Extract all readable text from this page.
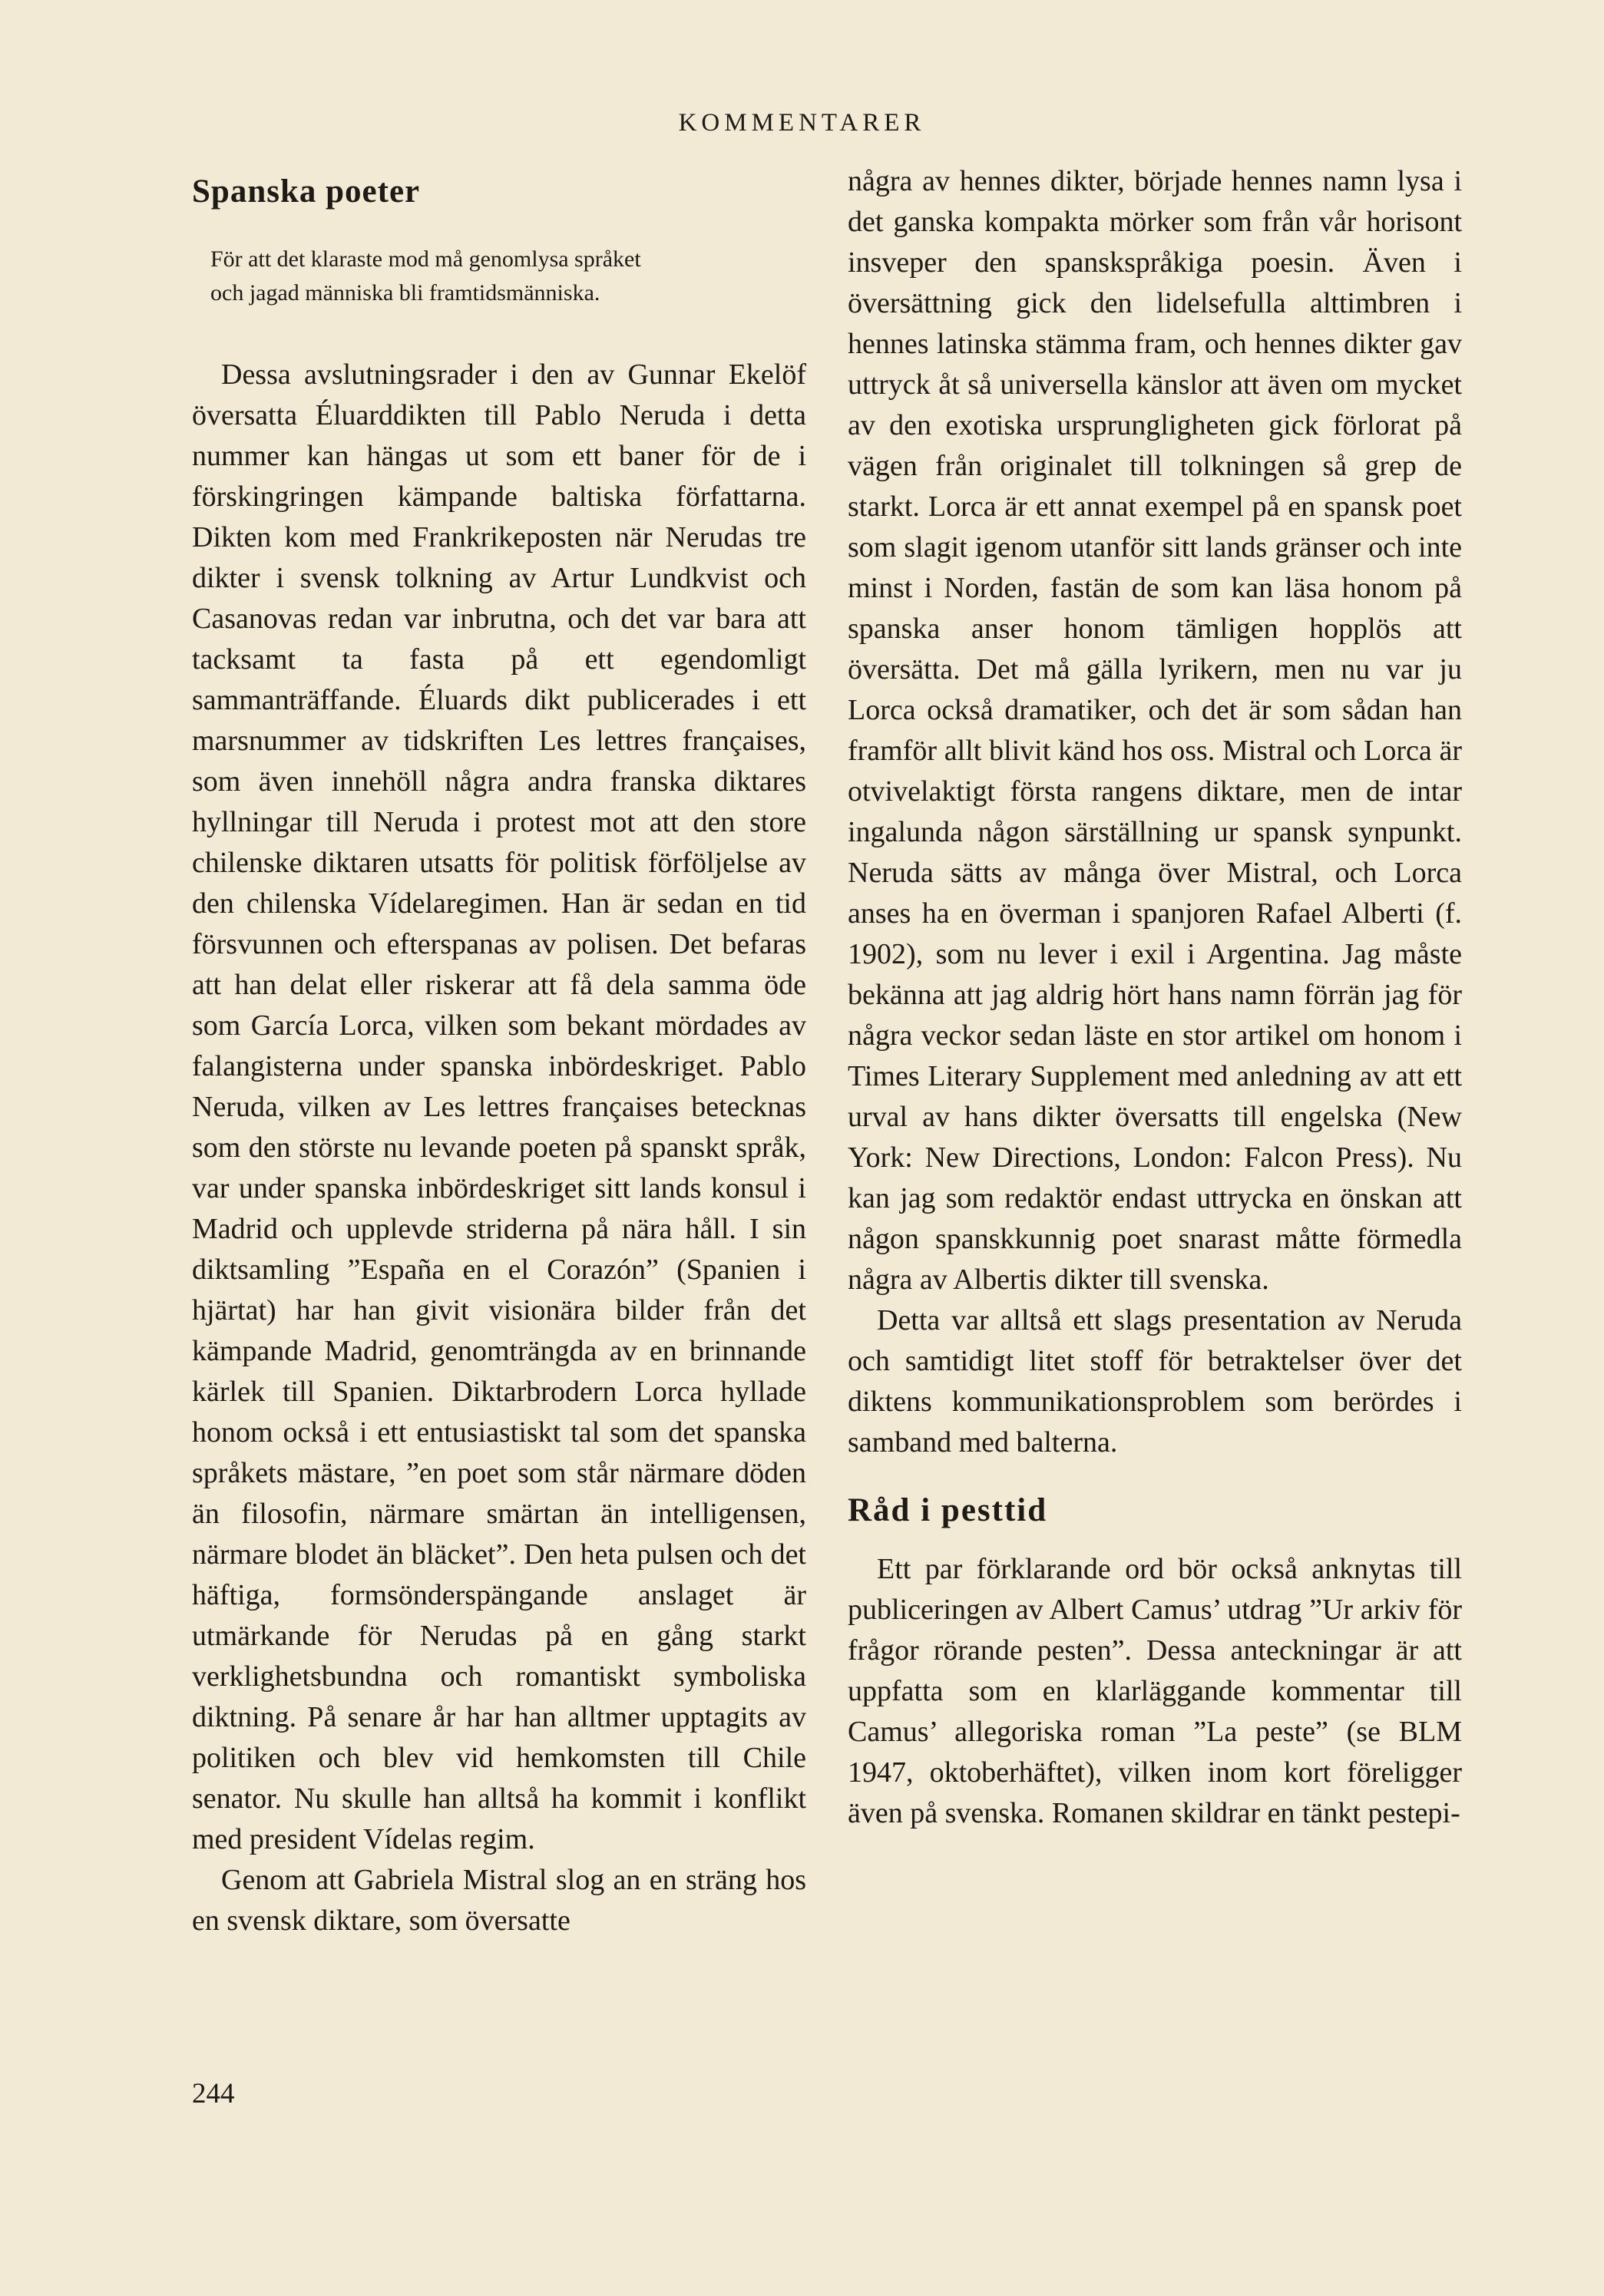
KOMMENTARER
Spanska poeter
För att det klaraste mod må genomlysa språket
och jagad människa bli framtidsmänniska.

Dessa avslutningsrader i den av Gunnar Ekelöf översatta Éluarddikten till Pablo Neruda i detta nummer kan hängas ut som ett baner för de i förskingringen kämpande baltiska författarna. Dikten kom med Frankrikeposten när Nerudas tre dikter i svensk tolkning av Artur Lundkvist och Casanovas redan var inbrutna, och det var bara att tacksamt ta fasta på ett egendomligt sammanträffande. Éluards dikt publicerades i ett marsnummer av tidskriften Les lettres françaises, som även innehöll några andra franska diktares hyllningar till Neruda i protest mot att den store chilenske diktaren utsatts för politisk förföljelse av den chilenska Vídelaregimen. Han är sedan en tid försvunnen och efterspanas av polisen. Det befaras att han delat eller riskerar att få dela samma öde som García Lorca, vilken som bekant mördades av falangisterna under spanska inbördeskriget. Pablo Neruda, vilken av Les lettres françaises betecknas som den störste nu levande poeten på spanskt språk, var under spanska inbördeskriget sitt lands konsul i Madrid och upplevde striderna på nära håll. I sin diktsamling ”España en el Corazón” (Spanien i hjärtat) har han givit visionära bilder från det kämpande Madrid, genomträngda av en brinnande kärlek till Spanien. Diktarbrodern Lorca hyllade honom också i ett entusiastiskt tal som det spanska språkets mästare, ”en poet som står närmare döden än filosofin, närmare smärtan än intelligensen, närmare blodet än bläcket”. Den heta pulsen och det häftiga, formsönderspängande anslaget är utmärkande för Nerudas på en gång starkt verklighetsbundna och romantiskt symboliska diktning. På senare år har han alltmer upptagits av politiken och blev vid hemkomsten till Chile senator. Nu skulle han alltså ha kommit i konflikt med president Vídelas regim.

Genom att Gabriela Mistral slog an en sträng hos en svensk diktare, som översatte

några av hennes dikter, började hennes namn lysa i det ganska kompakta mörker som från vår horisont insveper den spanskspråkiga poesin. Även i översättning gick den lidelsefulla alttimbren i hennes latinska stämma fram, och hennes dikter gav uttryck åt så universella känslor att även om mycket av den exotiska ursprungligheten gick förlorat på vägen från originalet till tolkningen så grep de starkt. Lorca är ett annat exempel på en spansk poet som slagit igenom utanför sitt lands gränser och inte minst i Norden, fastän de som kan läsa honom på spanska anser honom tämligen hopplös att översätta. Det må gälla lyrikern, men nu var ju Lorca också dramatiker, och det är som sådan han framför allt blivit känd hos oss. Mistral och Lorca är otvivelaktigt första rangens diktare, men de intar ingalunda någon särställning ur spansk synpunkt. Neruda sätts av många över Mistral, och Lorca anses ha en överman i spanjoren Rafael Alberti (f. 1902), som nu lever i exil i Argentina. Jag måste bekänna att jag aldrig hört hans namn förrän jag för några veckor sedan läste en stor artikel om honom i Times Literary Supplement med anledning av att ett urval av hans dikter översatts till engelska (New York: New Directions, London: Falcon Press). Nu kan jag som redaktör endast uttrycka en önskan att någon spanskkunnig poet snarast måtte förmedla några av Albertis dikter till svenska.

Detta var alltså ett slags presentation av Neruda och samtidigt litet stoff för betraktelser över det diktens kommunikationsproblem som berördes i samband med balterna.

Råd i pesttid

Ett par förklarande ord bör också anknytas till publiceringen av Albert Camus’ utdrag ”Ur arkiv för frågor rörande pesten”. Dessa anteckningar är att uppfatta som en klarläggande kommentar till Camus’ allegoriska roman ”La peste” (se BLM 1947, oktoberhäftet), vilken inom kort föreligger även på svenska. Romanen skildrar en tänkt pestepi-

244
